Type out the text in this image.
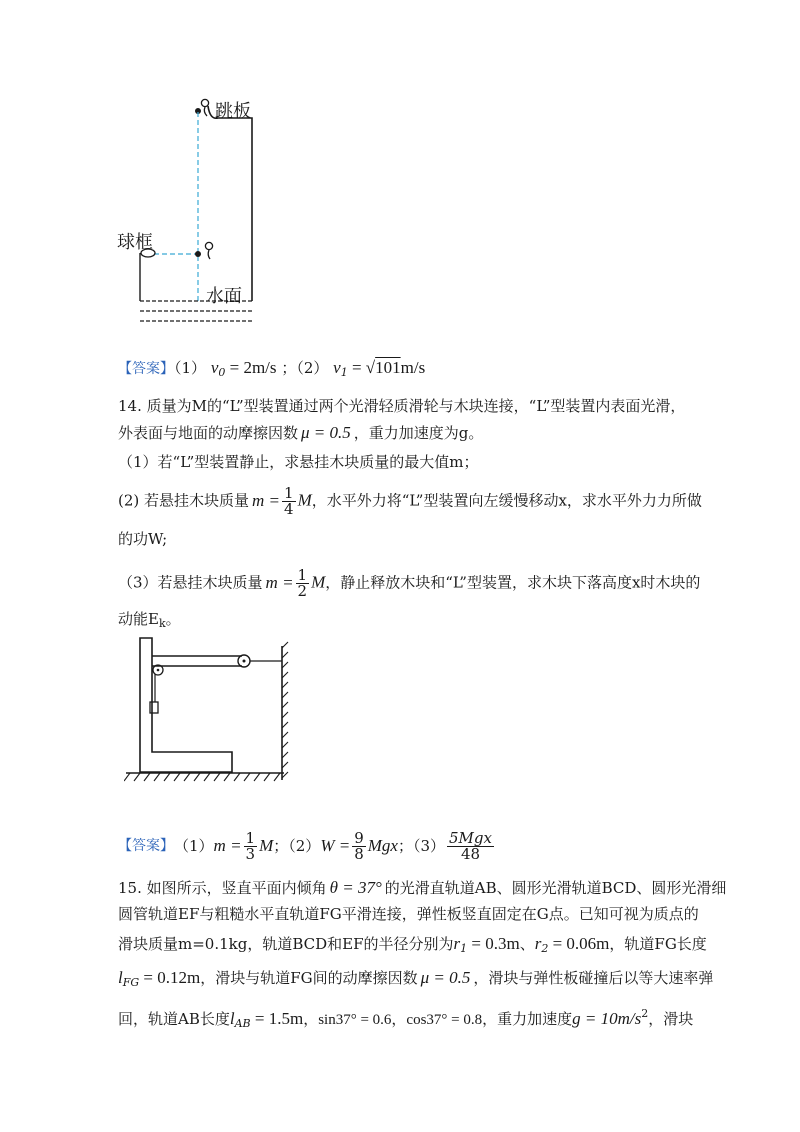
跳板
球框
水面
【答案】（1） $v_0 = 2m/s$ ；（2） $v_1 = √101m/s$
14. 质量为M的“L”型装置通过两个光滑轻质滑轮与木块连接，“L”型装置内表面光滑，
外表面与地面的动摩擦因数 μ = 0.5 ，重力加速度为g。
（1）若“L”型装置静止，求悬挂木块质量的最大值m；
(2) 若悬挂木块质量 $m = \frac{1}{4}$ M，水平外力将“L”型装置向左缓慢移动x，求水平外力力所做
的功W;
（3）若悬挂木块质量 $m = \frac{1}{2}$ M，静止释放木块和“L”型装置，求木块下落高度x时木块的
动能$E_k$。
【答案】 （1） $m = \frac{1}{3}$ M ；（2） $W = \frac{9}{8}$ Mgx ；$(3) \frac{\text{5Mgx}}{48}$
15. 如图所示，竖直平面内倾角 θ = 37° 的光滑直轨道AB、圆形光滑轨道BCD、圆形光滑细
圆管轨道EF与粗糙水平直轨道FG平滑连接，弹性板竖直固定在G点。已知可视为质点的
滑块质量m=0.1kg，轨道BCD和EF的半径分别为$r_1 = 0.3m$、$r_2 = 0.06m$，轨道FG长度
$l_{FG} = 0.12m$，滑块与轨道FG间的动摩擦因数 μ = 0.5 ，滑块与弹性板碰撞后以等大速率弹
回，轨道AB长度$l_{AB} = 1.5m$，sin37° = 0.6，cos37° = 0.8，重力加速度$g = 10m/s^2$，滑块
